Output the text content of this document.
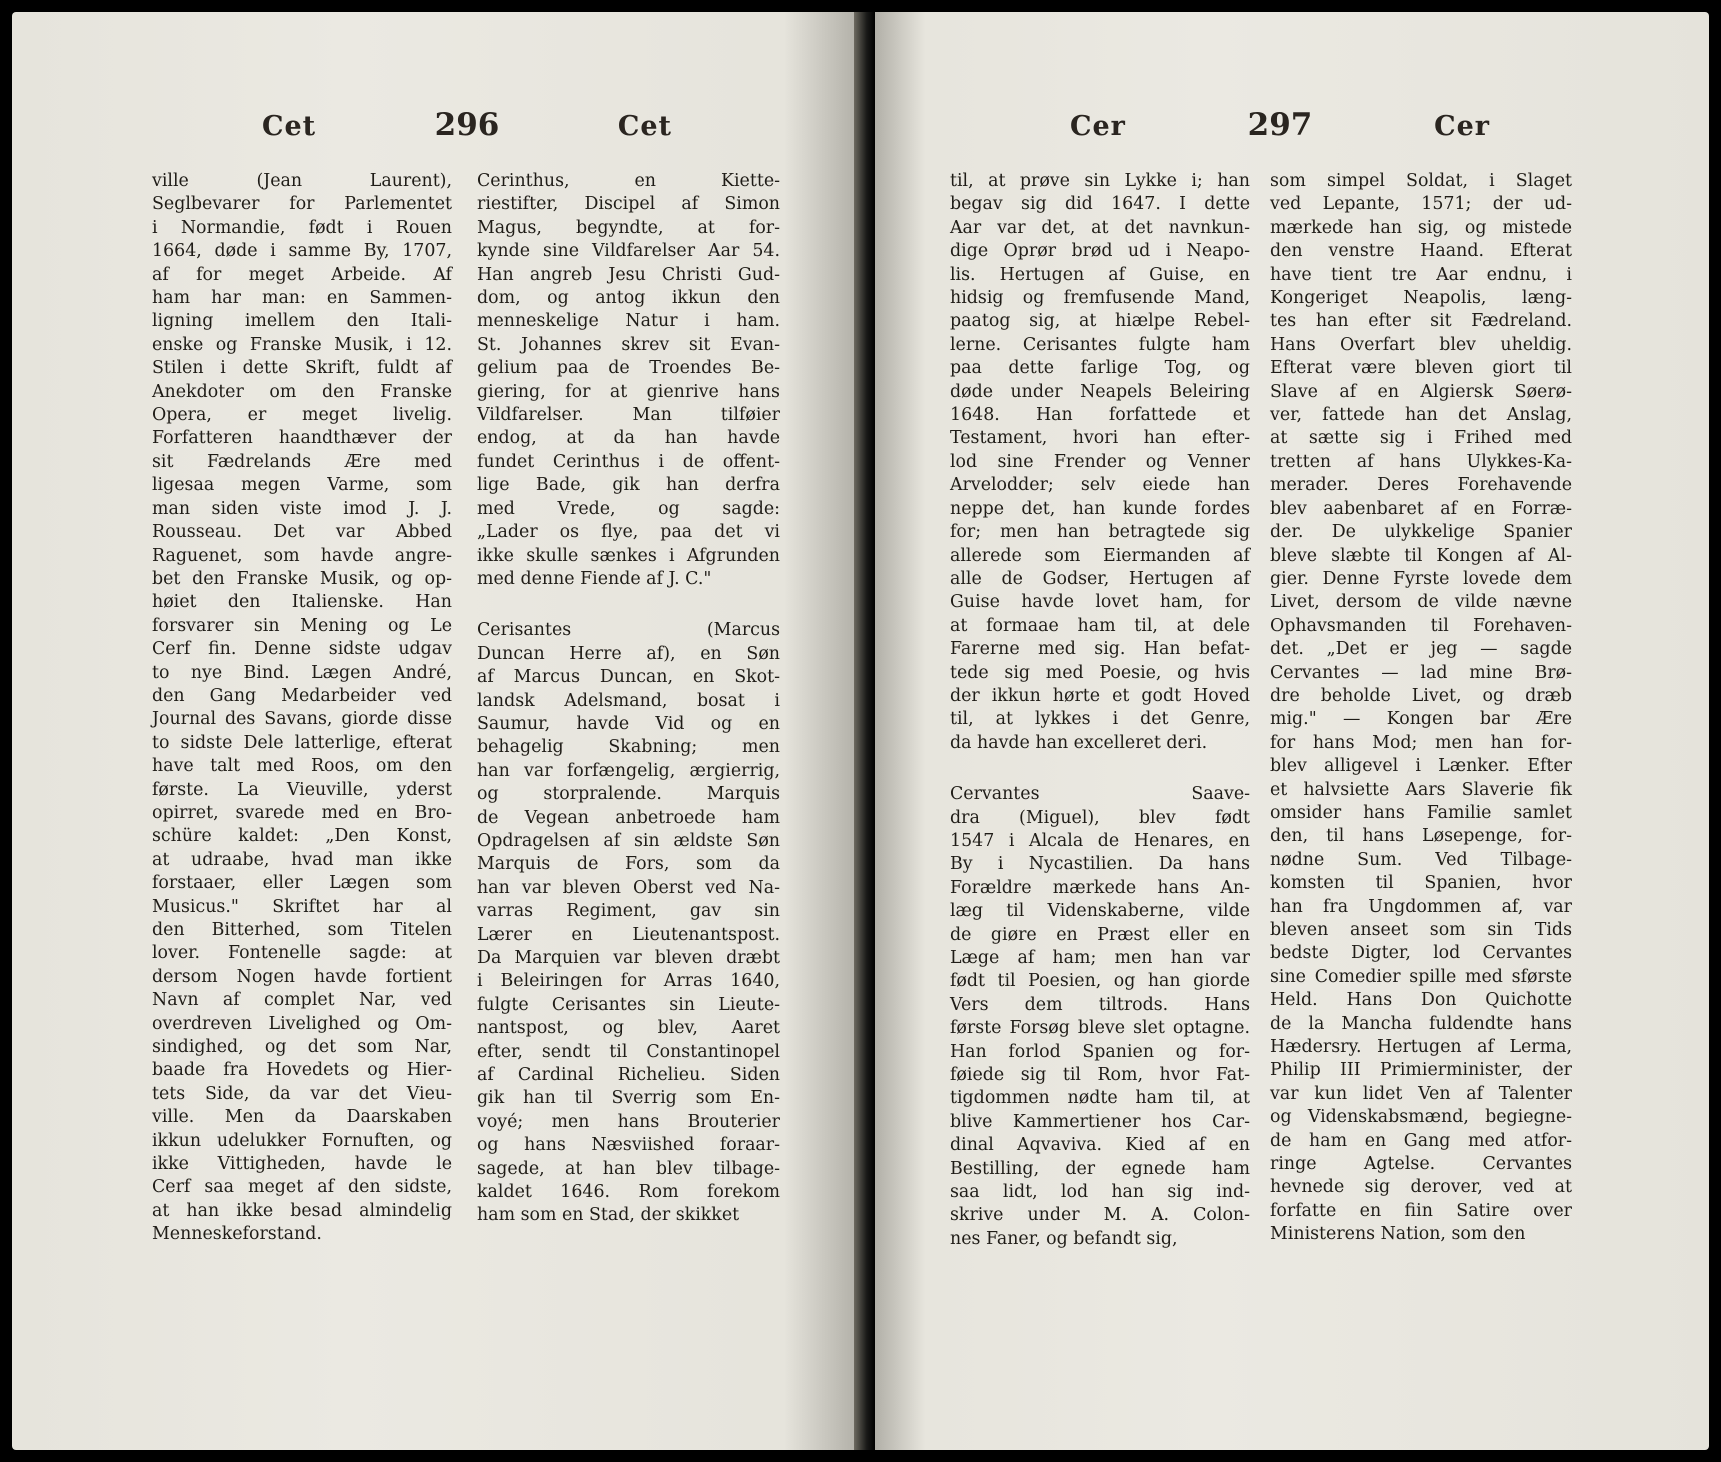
Cet	296	Cet
ville (Jean Laurent),
Seglbevarer for Parlementet
i Normandie, født i Rouen
1664, døde i samme By, 1707,
af for meget Arbeide. Af
ham har man: en Sammen-
ligning imellem den Itali-
enske og Franske Musik, i 12.
Stilen i dette Skrift, fuldt af
Anekdoter om den Franske
Opera, er meget livelig.
Forfatteren haandthæver der
sit Fædrelands Ære med
ligesaa megen Varme, som
man siden viste imod J. J.
Rousseau. Det var Abbed
Raguenet, som havde angre-
bet den Franske Musik, og op-
høiet den Italienske. Han
forsvarer sin Mening og Le
Cerf fin. Denne sidste udgav
to nye Bind. Lægen André,
den Gang Medarbeider ved
Journal des Savans, giorde disse
to sidste Dele latterlige, efterat
have talt med Roos, om den
første. La Vieuville, yderst
opirret, svarede med en Bro-
schüre kaldet: „Den Konst,
at udraabe, hvad man ikke
forstaaer, eller Lægen som
Musicus." Skriftet har al
den Bitterhed, som Titelen
lover. Fontenelle sagde: at
dersom Nogen havde fortient
Navn af complet Nar, ved
overdreven Livelighed og Om-
sindighed, og det som Nar,
baade fra Hovedets og Hier-
tets Side, da var det Vieu-
ville. Men da Daarskaben
ikkun udelukker Fornuften, og
ikke Vittigheden, havde le
Cerf saa meget af den sidste,
at han ikke besad almindelig
Menneskeforstand.
Cerinthus, en Kiette-
riestifter, Discipel af Simon
Magus, begyndte, at for-
kynde sine Vildfarelser Aar 54.
Han angreb Jesu Christi Gud-
dom, og antog ikkun den
menneskelige Natur i ham.
St. Johannes skrev sit Evan-
gelium paa de Troendes Be-
giering, for at gienrive hans
Vildfarelser. Man tilføier
endog, at da han havde
fundet Cerinthus i de offent-
lige Bade, gik han derfra
med Vrede, og sagde:
„Lader os flye, paa det vi
ikke skulle sænkes i Afgrunden
med denne Fiende af J. C."
Cerisantes (Marcus
Duncan Herre af), en Søn
af Marcus Duncan, en Skot-
landsk Adelsmand, bosat i
Saumur, havde Vid og en
behagelig Skabning; men
han var forfængelig, ærgierrig,
og storpralende. Marquis
de Vegean anbetroede ham
Opdragelsen af sin ældste Søn
Marquis de Fors, som da
han var bleven Oberst ved Na-
varras Regiment, gav sin
Lærer en Lieutenantspost.
Da Marquien var bleven dræbt
i Beleiringen for Arras 1640,
fulgte Cerisantes sin Lieute-
nantspost, og blev, Aaret
efter, sendt til Constantinopel
af Cardinal Richelieu. Siden
gik han til Sverrig som En-
voyé; men hans Brouterier
og hans Næsviished foraar-
sagede, at han blev tilbage-
kaldet 1646. Rom forekom
ham som en Stad, der skikket
Cer	297	Cer
til, at prøve sin Lykke i; han
begav sig did 1647. I dette
Aar var det, at det navnkun-
dige Oprør brød ud i Neapo-
lis. Hertugen af Guise, en
hidsig og fremfusende Mand,
paatog sig, at hiælpe Rebel-
lerne. Cerisantes fulgte ham
paa dette farlige Tog, og
døde under Neapels Beleiring
1648. Han forfattede et
Testament, hvori han efter-
lod sine Frender og Venner
Arvelodder; selv eiede han
neppe det, han kunde fordes
for; men han betragtede sig
allerede som Eiermanden af
alle de Godser, Hertugen af
Guise havde lovet ham, for
at formaae ham til, at dele
Farerne med sig. Han befat-
tede sig med Poesie, og hvis
der ikkun hørte et godt Hoved
til, at lykkes i det Genre,
da havde han excelleret deri.
Cervantes Saave-
dra (Miguel), blev født
1547 i Alcala de Henares, en
By i Nycastilien. Da hans
Forældre mærkede hans An-
læg til Videnskaberne, vilde
de giøre en Præst eller en
Læge af ham; men han var
født til Poesien, og han giorde
Vers dem tiltrods. Hans
første Forsøg bleve slet optagne.
Han forlod Spanien og for-
føiede sig til Rom, hvor Fat-
tigdommen nødte ham til, at
blive Kammertiener hos Car-
dinal Aqvaviva. Kied af en
Bestilling, der egnede ham
saa lidt, lod han sig ind-
skrive under M. A. Colon-
nes Faner, og befandt sig,
som simpel Soldat, i Slaget
ved Lepante, 1571; der ud-
mærkede han sig, og mistede
den venstre Haand. Efterat
have tient tre Aar endnu, i
Kongeriget Neapolis, læng-
tes han efter sit Fædreland.
Hans Overfart blev uheldig.
Efterat være bleven giort til
Slave af en Algiersk Søerø-
ver, fattede han det Anslag,
at sætte sig i Frihed med
tretten af hans Ulykkes-Ka-
merader. Deres Forehavende
blev aabenbaret af en Forræ-
der. De ulykkelige Spanier
bleve slæbte til Kongen af Al-
gier. Denne Fyrste lovede dem
Livet, dersom de vilde nævne
Ophavsmanden til Forehaven-
det. „Det er jeg — sagde
Cervantes — lad mine Brø-
dre beholde Livet, og dræb
mig." — Kongen bar Ære
for hans Mod; men han for-
blev alligevel i Lænker. Efter
et halvsiette Aars Slaverie fik
omsider hans Familie samlet
den, til hans Løsepenge, for-
nødne Sum. Ved Tilbage-
komsten til Spanien, hvor
han fra Ungdommen af, var
bleven anseet som sin Tids
bedste Digter, lod Cervantes
sine Comedier spille med sførste
Held. Hans Don Quichotte
de la Mancha fuldendte hans
Hædersry. Hertugen af Lerma,
Philip III Primierminister, der
var kun lidet Ven af Talenter
og Videnskabsmænd, begiegne-
de ham en Gang med atfor-
ringe Agtelse. Cervantes
hevnede sig derover, ved at
forfatte en fiin Satire over
Ministerens Nation, som den
